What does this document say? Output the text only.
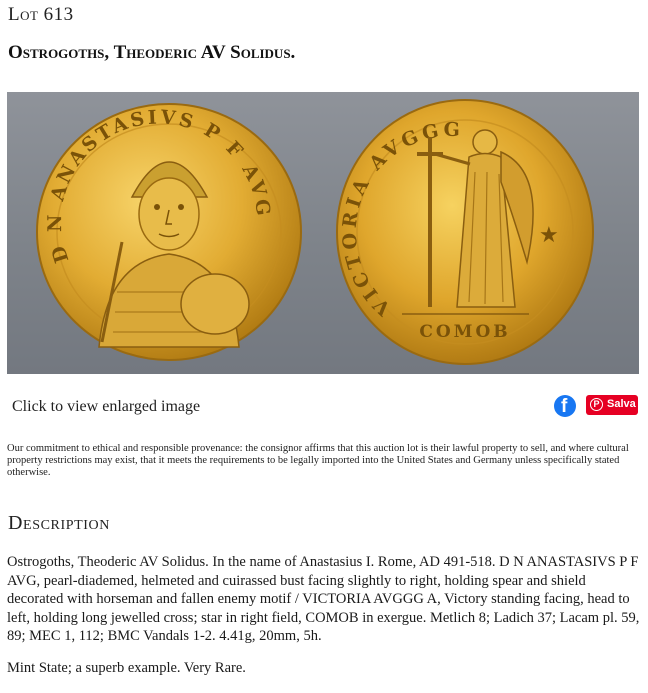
Lot 613
Ostrogoths, Theoderic AV Solidus.
D N ANASTASIVS P F AVG
VICTORIA AVGGG
★
COMOB
Click to view enlarged image	f	P Salva
Our commitment to ethical and responsible provenance: the consignor affirms that this auction lot is their lawful property to sell, and where cultural property restrictions may exist, that it meets the requirements to be legally imported into the United States and Germany unless specifically stated otherwise.
Description
Ostrogoths, Theoderic AV Solidus. In the name of Anastasius I. Rome, AD 491-518. D N ANASTASIVS P F AVG, pearl-diademed, helmeted and cuirassed bust facing slightly to right, holding spear and shield decorated with horseman and fallen enemy motif / VICTORIA AVGGG A, Victory standing facing, head to left, holding long jewelled cross; star in right field, COMOB in exergue. Metlich 8; Ladich 37; Lacam pl. 59, 89; MEC 1, 112; BMC Vandals 1-2. 4.41g, 20mm, 5h.
Mint State; a superb example. Very Rare.
